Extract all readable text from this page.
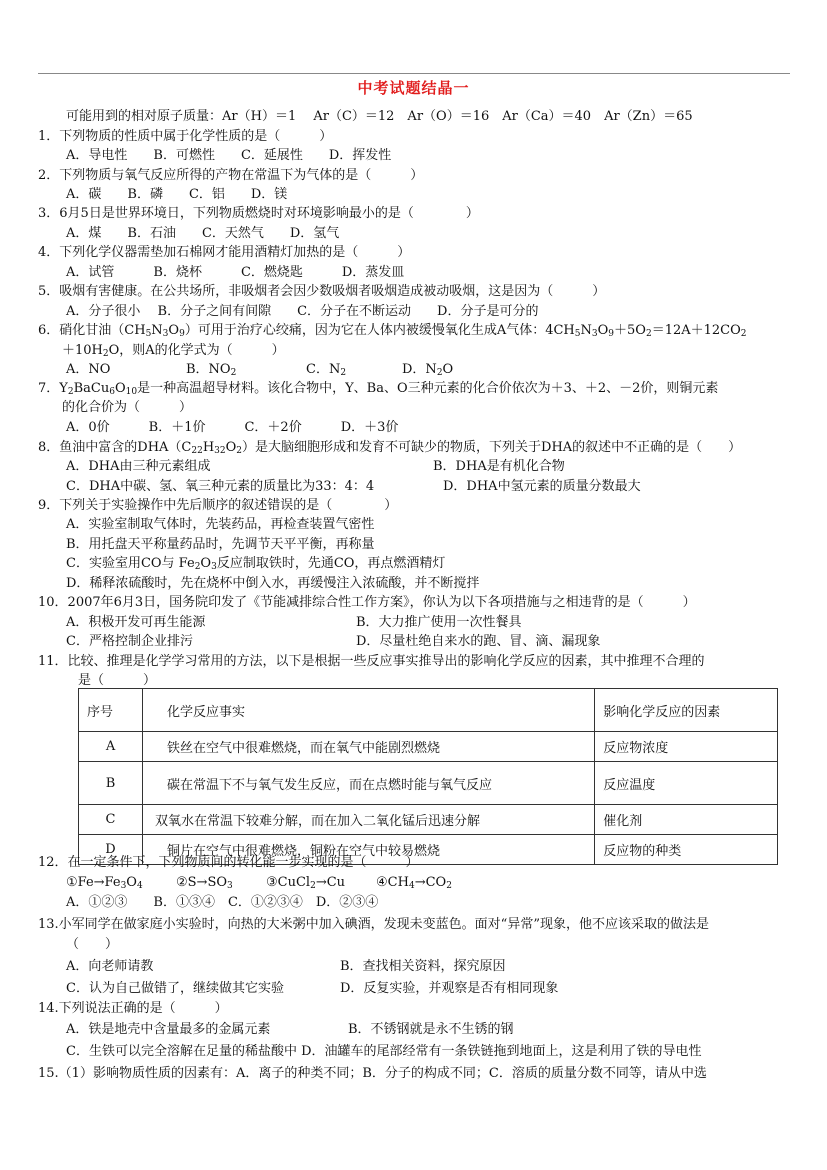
中考试题结晶一
可能用到的相对原子质量：Ar（H）＝1　 Ar（C）＝12　Ar（O）＝16　Ar（Ca）＝40　Ar（Zn）＝65
1．下列物质的性质中属于化学性质的是（　　　）
A．导电性　　B．可燃性　　C．延展性　　D．挥发性
2．下列物质与氧气反应所得的产物在常温下为气体的是（　　　）
A．碳　　B．磷　　C．铝　　D．镁
3．6月5日是世界环境日，下列物质燃烧时对环境影响最小的是（　　　　）
A．煤　　B．石油　　C．天然气　　D．氢气
4．下列化学仪器需垫加石棉网才能用酒精灯加热的是（　　　）
A．试管　　　B．烧杯　　　C．燃烧匙　　　D．蒸发皿
5．吸烟有害健康。在公共场所，非吸烟者会因少数吸烟者吸烟造成被动吸烟，这是因为（　　　）
A．分子很小　 B．分子之间有间隙　　C．分子在不断运动　　D．分子是可分的
6．硝化甘油$(CH_5N_3O_9)$可用于治疗心绞痛，因为它在人体内被缓慢氧化生成A气体：$4CH_5N_3O_9+5O_2=12A+12CO_2$
$+10H_2O$，则A的化学式为（　　　）
A．NO	B．$NO_2$	C．$N_2$	D．$N_2O$
7．$Y_2BaCu_6O_{10}$是一种高温超导材料。该化合物中，Y、Ba、O三种元素的化合价依次为＋3、＋2、－2价，则铜元素
的化合价为（　　　）
A．0价　　　B．＋1价　　　C．＋2价　　　D．＋3价
8．鱼油中富含的$DHA(C_{22}H_{32}O_2)$是大脑细胞形成和发育不可缺少的物质，下列关于DHA的叙述中不正确的是（　　）
A．DHA由三种元素组成	B．DHA是有机化合物
C．DHA中碳、氢、氧三种元素的质量比为33：4：4	D．DHA中氢元素的质量分数最大
9．下列关于实验操作中先后顺序的叙述错误的是（　　　　）
A．实验室制取气体时，先装药品，再检查装置气密性
B．用托盘天平称量药品时，先调节天平平衡，再称量
C．实验室用CO与 $Fe_2O_3$反应制取铁时，先通CO，再点燃酒精灯
D．稀释浓硫酸时，先在烧杯中倒入水，再缓慢注入浓硫酸，并不断搅拌
10．2007年6月3日，国务院印发了《节能减排综合性工作方案》，你认为以下各项措施与之相违背的是（　　　）
A．积极开发可再生能源	B．大力推广使用一次性餐具
C．严格控制企业排污	D．尽量杜绝自来水的跑、冒、滴、漏现象
11．比较、推理是化学学习常用的方法，以下是根据一些反应事实推导出的影响化学反应的因素，其中推理不合理的
是（　　　）
序号	化学反应事实	影响化学反应的因素
A	铁丝在空气中很难燃烧，而在氧气中能剧烈燃烧	反应物浓度
B	碳在常温下不与氧气发生反应，而在点燃时能与氧气反应	反应温度
C	双氧水在常温下较难分解，而在加入二氧化锰后迅速分解	催化剂
D	铜片在空气中很难燃烧，铜粉在空气中较易燃烧	反应物的种类
12．在一定条件下，下列物质间的转化能一步实现的是（　　　）
$①Fe\to Fe_3O_4$	$②S\to SO_3$	③CuCl$_2$→Cu $④CH_4\to CO_2$
A．①②③　　B．①③④　C．①②③④　D．②③④
13.小军同学在做家庭小实验时，向热的大米粥中加入碘酒，发现未变蓝色。面对“异常”现象，他不应该采取的做法是
（　　）
A．向老师请教	B．查找相关资料，探究原因
C．认为自己做错了，继续做其它实验	D．反复实验，并观察是否有相同现象
14.下列说法正确的是（　　　）
A．铁是地壳中含量最多的金属元素	B．不锈钢就是永不生锈的钢
C．生铁可以完全溶解在足量的稀盐酸中 D．油罐车的尾部经常有一条铁链拖到地面上，这是利用了铁的导电性
15.（1）影响物质性质的因素有：A．离子的种类不同；B．分子的构成不同；C．溶质的质量分数不同等，请从中选
